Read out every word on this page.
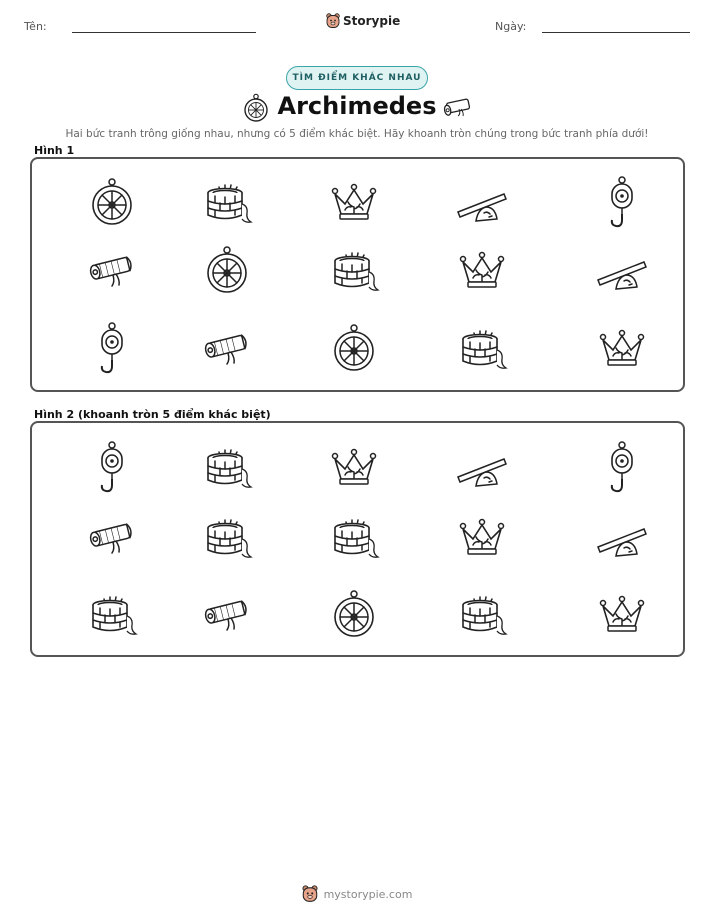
Tên:	Storypie	Ngày:
TÌM ĐIỂM KHÁC NHAU
Archimedes
Hai bức tranh trông giống nhau, nhưng có 5 điểm khác biệt. Hãy khoanh tròn chúng trong bức tranh phía dưới!
Hình 1
Hình 2 (khoanh tròn 5 điểm khác biệt)
mystorypie.com
